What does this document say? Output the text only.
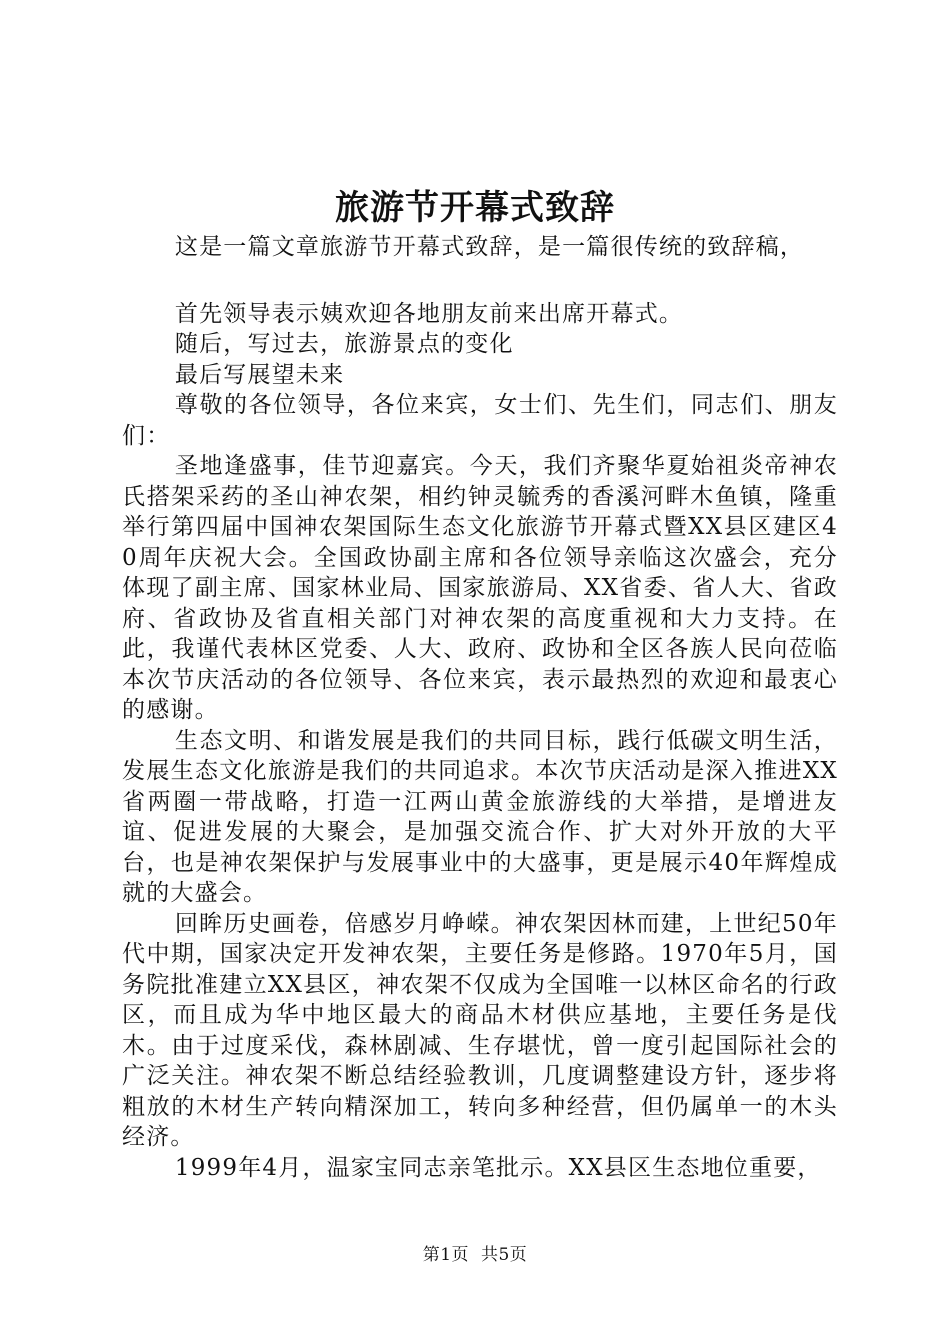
旅游节开幕式致辞
这是一篇文章旅游节开幕式致辞，是一篇很传统的致辞稿，
首先领导表示姨欢迎各地朋友前来出席开幕式。
随后，写过去，旅游景点的变化
最后写展望未来
尊敬的各位领导，各位来宾，女士们、先生们，同志们、朋友们：
圣地逢盛事，佳节迎嘉宾。今天，我们齐聚华夏始祖炎帝神农氏搭架采药的圣山神农架，相约钟灵毓秀的香溪河畔木鱼镇，隆重举行第四届中国神农架国际生态文化旅游节开幕式暨XX县区建区40周年庆祝大会。全国政协副主席和各位领导亲临这次盛会，充分体现了副主席、国家林业局、国家旅游局、XX省委、省人大、省政府、省政协及省直相关部门对神农架的高度重视和大力支持。在此，我谨代表林区党委、人大、政府、政协和全区各族人民向莅临本次节庆活动的各位领导、各位来宾，表示最热烈的欢迎和最衷心的感谢。
生态文明、和谐发展是我们的共同目标，践行低碳文明生活，发展生态文化旅游是我们的共同追求。本次节庆活动是深入推进XX省两圈一带战略，打造一江两山黄金旅游线的大举措，是增进友谊、促进发展的大聚会，是加强交流合作、扩大对外开放的大平台，也是神农架保护与发展事业中的大盛事，更是展示40年辉煌成就的大盛会。
回眸历史画卷，倍感岁月峥嵘。神农架因林而建，上世纪50年代中期，国家决定开发神农架，主要任务是修路。1970年5月，国务院批准建立XX县区，神农架不仅成为全国唯一以林区命名的行政区，而且成为华中地区最大的商品木材供应基地，主要任务是伐木。由于过度采伐，森林剧减、生存堪忧，曾一度引起国际社会的广泛关注。神农架不断总结经验教训，几度调整建设方针，逐步将粗放的木材生产转向精深加工，转向多种经营，但仍属单一的木头经济。
1999年4月，温家宝同志亲笔批示。XX县区生态地位重要，
第1页 共5页
